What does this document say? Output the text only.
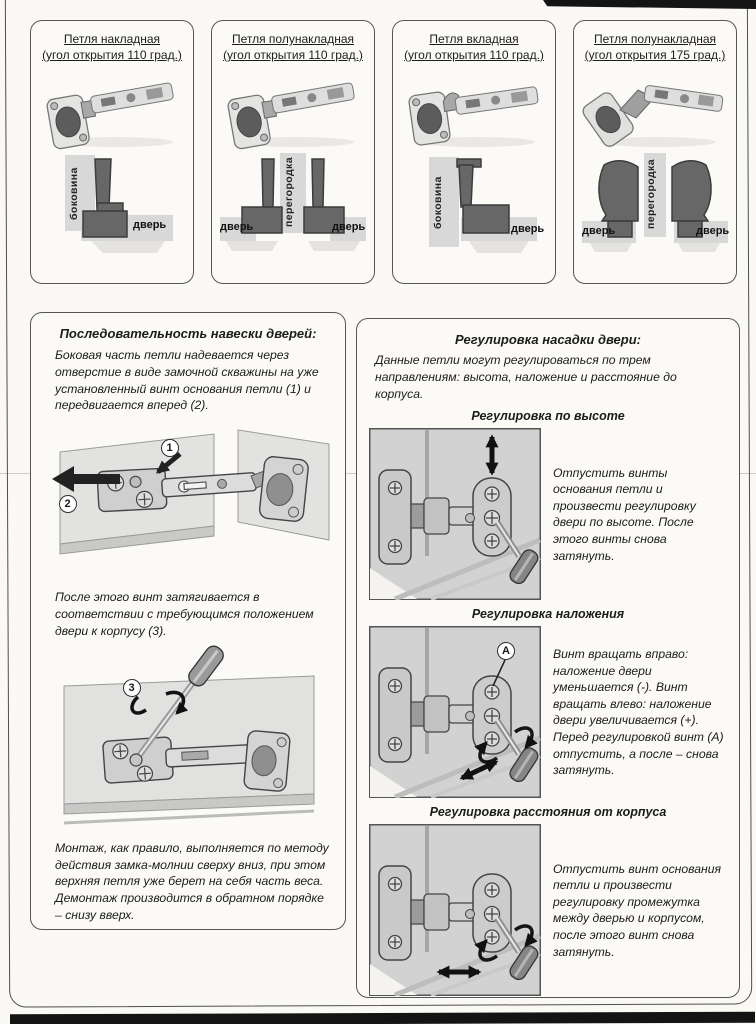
Петля накладная
(угол открытия 110 град.)
боковина
дверь
Петля полунакладная
(угол открытия 110 град.)
перегородка
дверь	дверь
Петля вкладная
(угол открытия 110 град.)
боковина	дверь
Петля полунакладная
(угол открытия 175 град.)
перегородка
дверь	дверь
Последовательность навески дверей:
Боковая часть петли надевается через отверстие в виде замочной скважины на уже установленный винт основания петли (1) и передвигается вперед (2).
1
2
После этого винт затягивается в соответствии с требующимся положением двери к корпусу (3).
3
Монтаж, как правило, выполняется по методу действия замка-молнии сверху вниз, при этом верхняя петля уже берет на себя часть веса. Демонтаж производится в обратном порядке – снизу вверх.
Регулировка насадки двери:
Данные петли могут регулироваться по трем направлениям: высота, наложение и расстояние до корпуса.
Регулировка по высоте
Отпустить винты основания петли и произвести регулировку двери по высоте. После этого винты снова затянуть.
Регулировка наложения
A	Винт вращать вправо: наложение двери уменьшается (-). Винт вращать влево: наложение двери увеличивается (+). Перед регулировкой винт (A) отпустить, а после – снова затянуть.
Регулировка расстояния от корпуса
Отпустить винт основания петли и произвести регулировку промежутка между дверью и корпусом, после этого винт снова затянуть.
